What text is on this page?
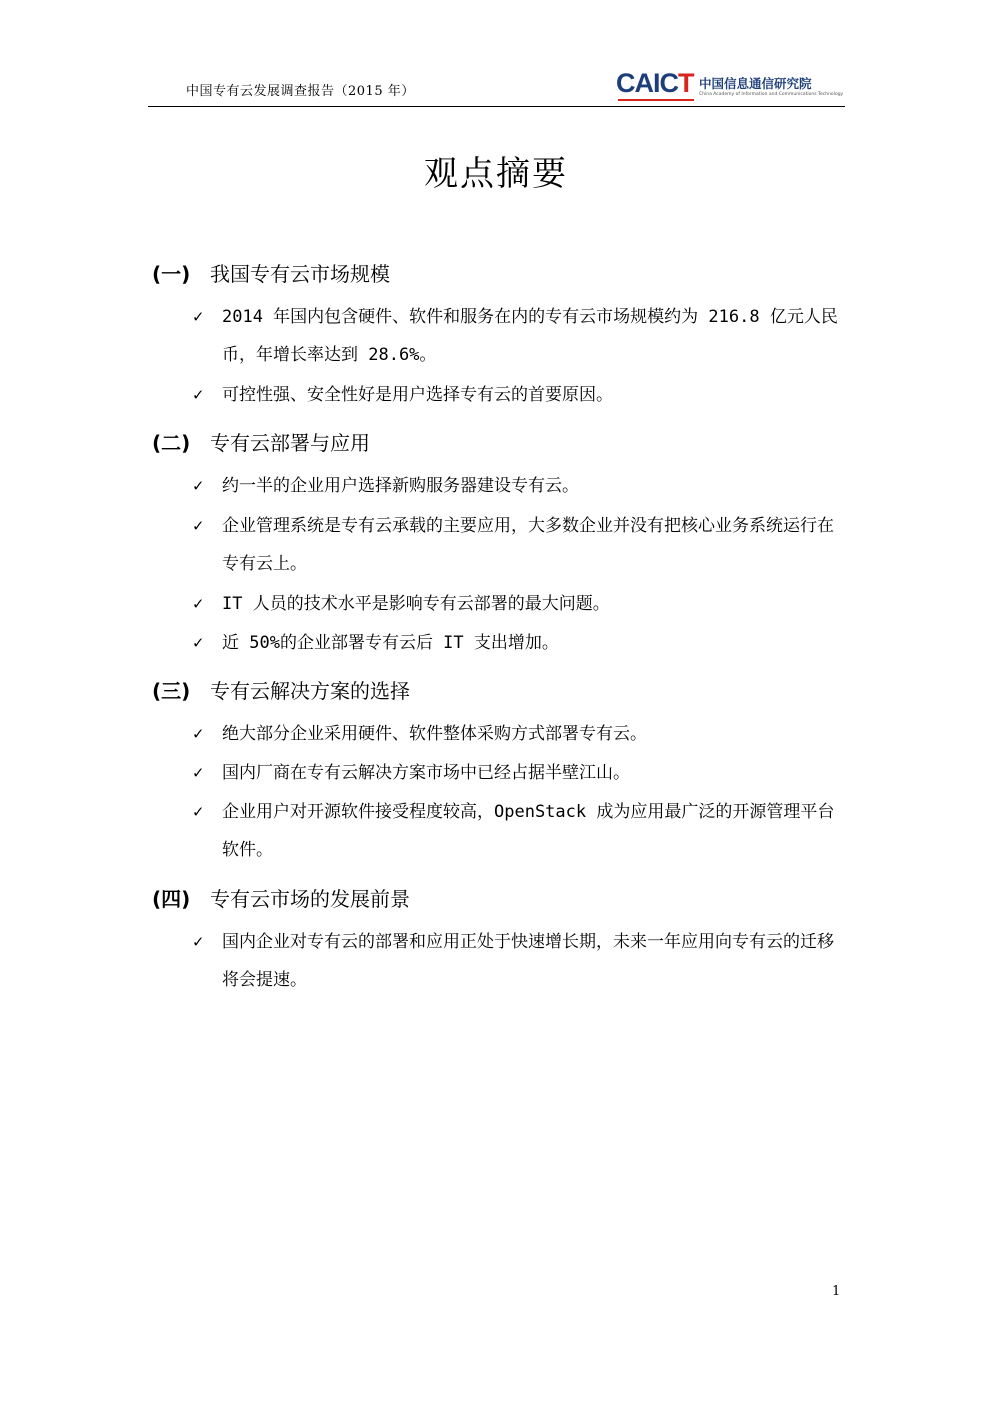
中国专有云发展调查报告（2015 年）	CAICT 中国信息通信研究院
China Academy of Information and Communications Technology
观点摘要
(一) 我国专有云市场规模
✓	2014 年国内包含硬件、软件和服务在内的专有云市场规模约为 216.8 亿元人民币，年增长率达到 28.6%。
✓	可控性强、安全性好是用户选择专有云的首要原因。
(二) 专有云部署与应用
✓	约一半的企业用户选择新购服务器建设专有云。
✓	企业管理系统是专有云承载的主要应用，大多数企业并没有把核心业务系统运行在专有云上。
✓	IT 人员的技术水平是影响专有云部署的最大问题。
✓	近 50%的企业部署专有云后 IT 支出增加。
(三) 专有云解决方案的选择
✓	绝大部分企业采用硬件、软件整体采购方式部署专有云。
✓	国内厂商在专有云解决方案市场中已经占据半壁江山。
✓	企业用户对开源软件接受程度较高，OpenStack 成为应用最广泛的开源管理平台软件。
(四) 专有云市场的发展前景
✓	国内企业对专有云的部署和应用正处于快速增长期，未来一年应用向专有云的迁移将会提速。
1
